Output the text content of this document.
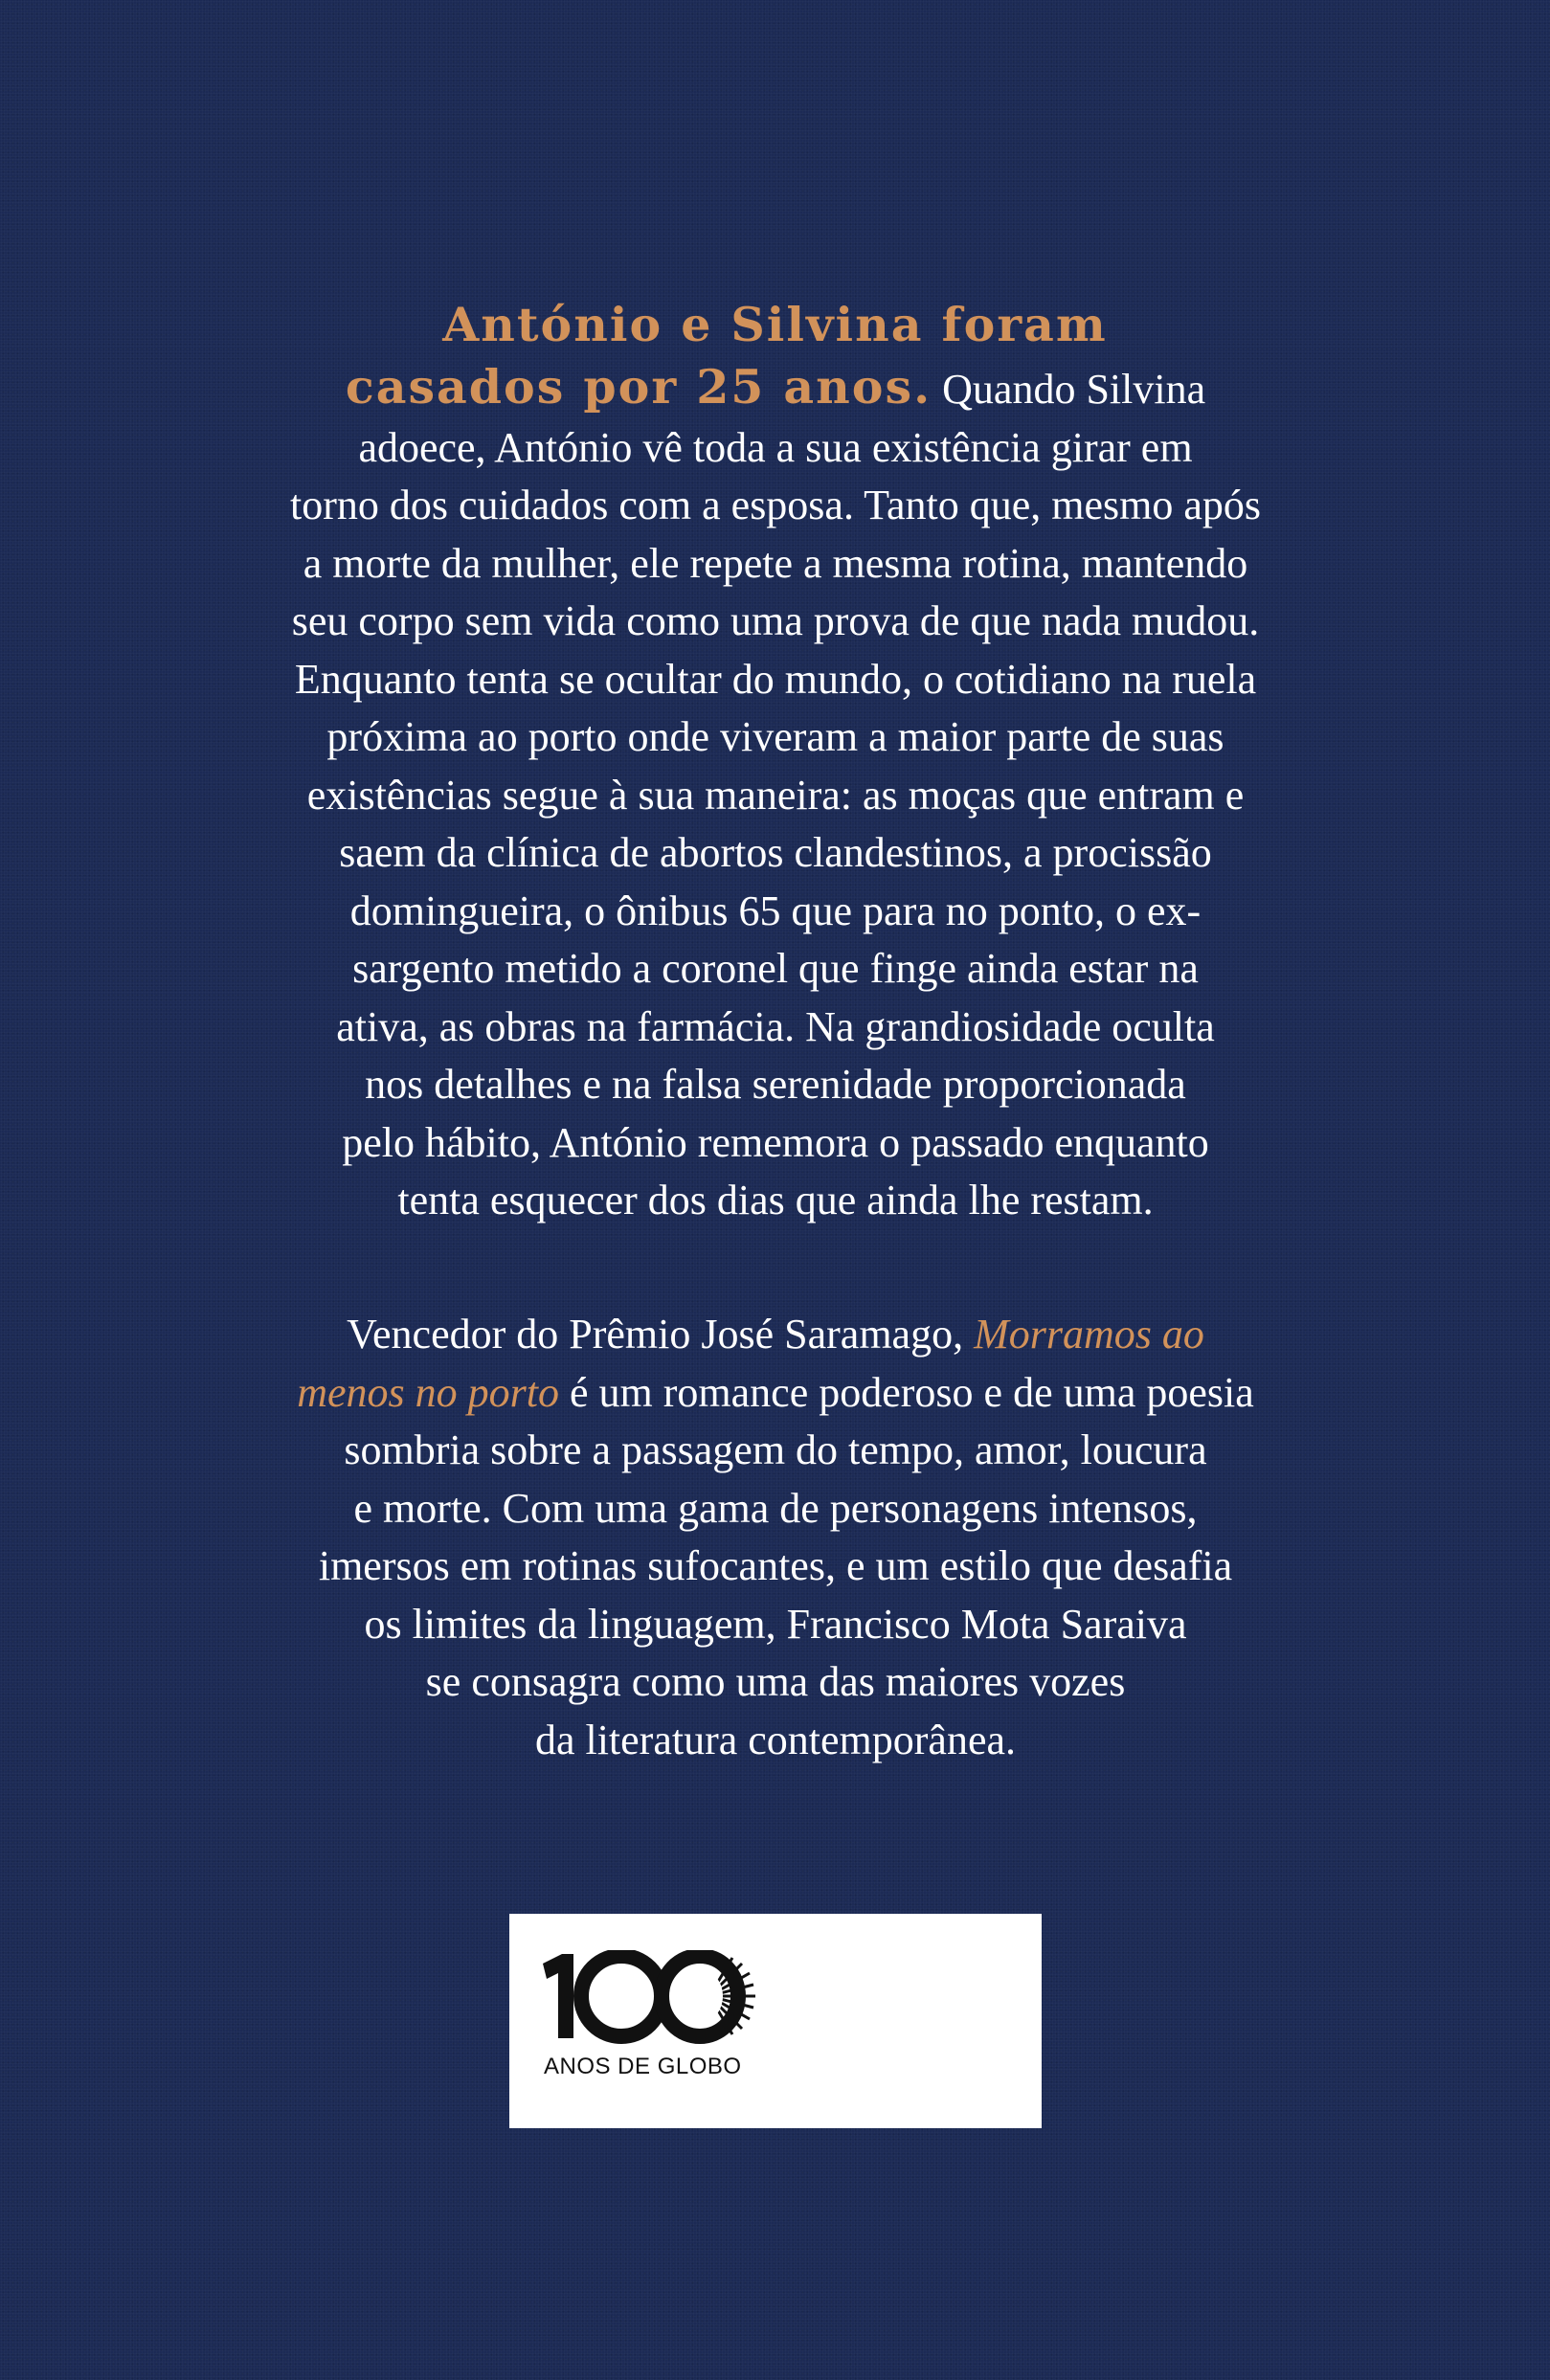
António e Silvina foram
casados por 25 anos. Quando Silvina
adoece, António vê toda a sua existência girar em
torno dos cuidados com a esposa. Tanto que, mesmo após
a morte da mulher, ele repete a mesma rotina, mantendo
seu corpo sem vida como uma prova de que nada mudou.
Enquanto tenta se ocultar do mundo, o cotidiano na ruela
próxima ao porto onde viveram a maior parte de suas
existências segue à sua maneira: as moças que entram e
saem da clínica de abortos clandestinos, a procissão
domingueira, o ônibus 65 que para no ponto, o ex-
sargento metido a coronel que finge ainda estar na
ativa, as obras na farmácia. Na grandiosidade oculta
nos detalhes e na falsa serenidade proporcionada
pelo hábito, António rememora o passado enquanto
tenta esquecer dos dias que ainda lhe restam.
Vencedor do Prêmio José Saramago, Morramos ao
menos no porto é um romance poderoso e de uma poesia
sombria sobre a passagem do tempo, amor, loucura
e morte. Com uma gama de personagens intensos,
imersos em rotinas sufocantes, e um estilo que desafia
os limites da linguagem, Francisco Mota Saraiva
se consagra como uma das maiores vozes
da literatura contemporânea.
ANOS DE GLOBO
